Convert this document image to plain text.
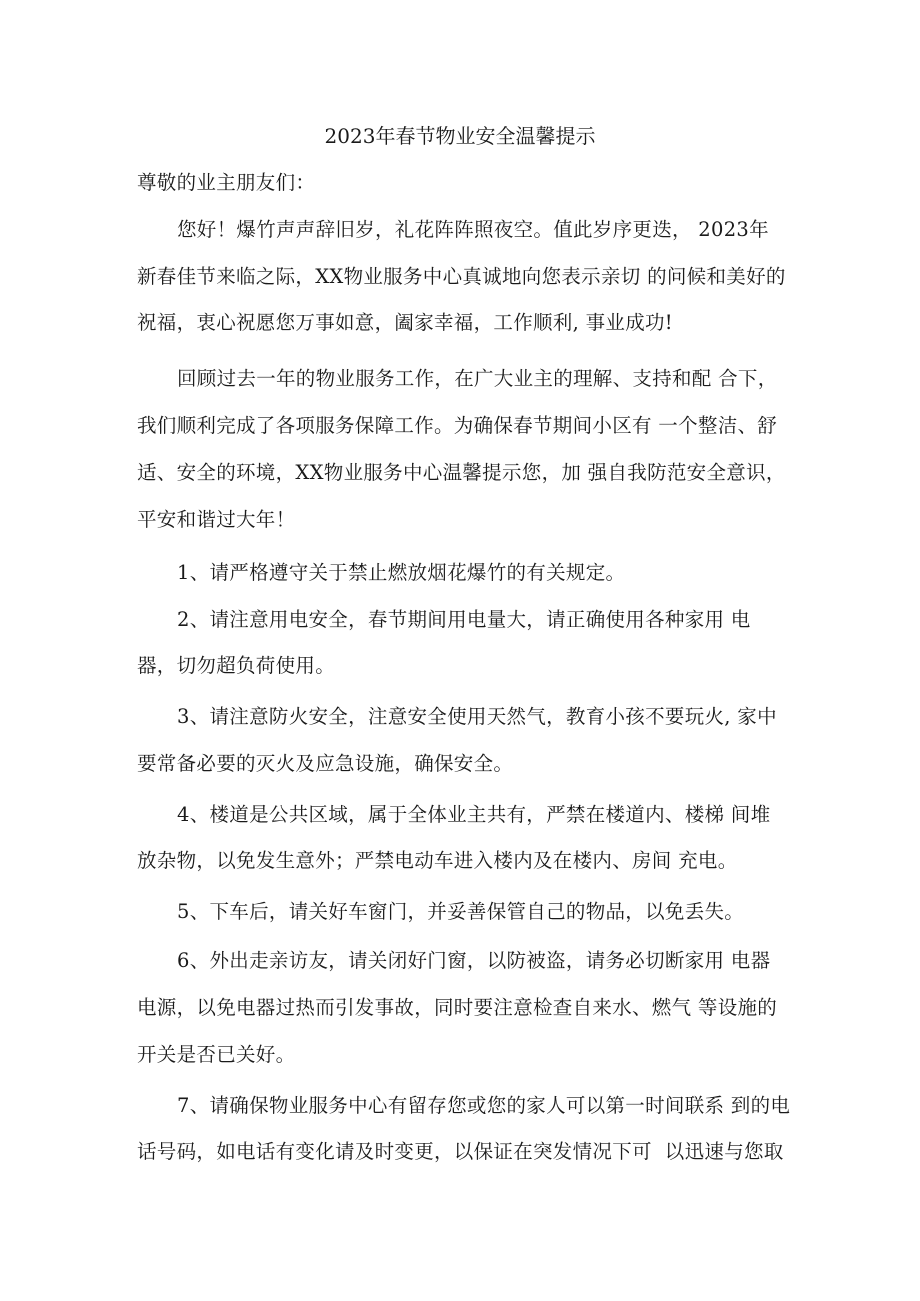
2023年春节物业安全温馨提示
尊敬的业主朋友们：
您好！爆竹声声辞旧岁，礼花阵阵照夜空。值此岁序更迭， 2023年
新春佳节来临之际，XX物业服务中心真诚地向您表示亲切 的问候和美好的
祝福，衷心祝愿您万事如意，阖家幸福，工作顺利, 事业成功!
回顾过去一年的物业服务工作，在广大业主的理解、支持和配 合下，
我们顺利完成了各项服务保障工作。为确保春节期间小区有 一个整洁、舒
适、安全的环境，XX物业服务中心温馨提示您，加 强自我防范安全意识，
平安和谐过大年！
1、请严格遵守关于禁止燃放烟花爆竹的有关规定。
2、请注意用电安全，春节期间用电量大，请正确使用各种家用 电
器，切勿超负荷使用。
3、请注意防火安全，注意安全使用天然气，教育小孩不要玩火, 家中
要常备必要的灭火及应急设施，确保安全。
4、楼道是公共区域，属于全体业主共有，严禁在楼道内、楼梯 间堆
放杂物，以免发生意外；严禁电动车进入楼内及在楼内、房间 充电。
5、下车后，请关好车窗门，并妥善保管自己的物品，以免丢失。
6、外出走亲访友，请关闭好门窗，以防被盗，请务必切断家用 电器
电源，以免电器过热而引发事故，同时要注意检查自来水、燃气 等设施的
开关是否已关好。
7、请确保物业服务中心有留存您或您的家人可以第一时间联系 到的电
话号码，如电话有变化请及时变更，以保证在突发情况下可  以迅速与您取
